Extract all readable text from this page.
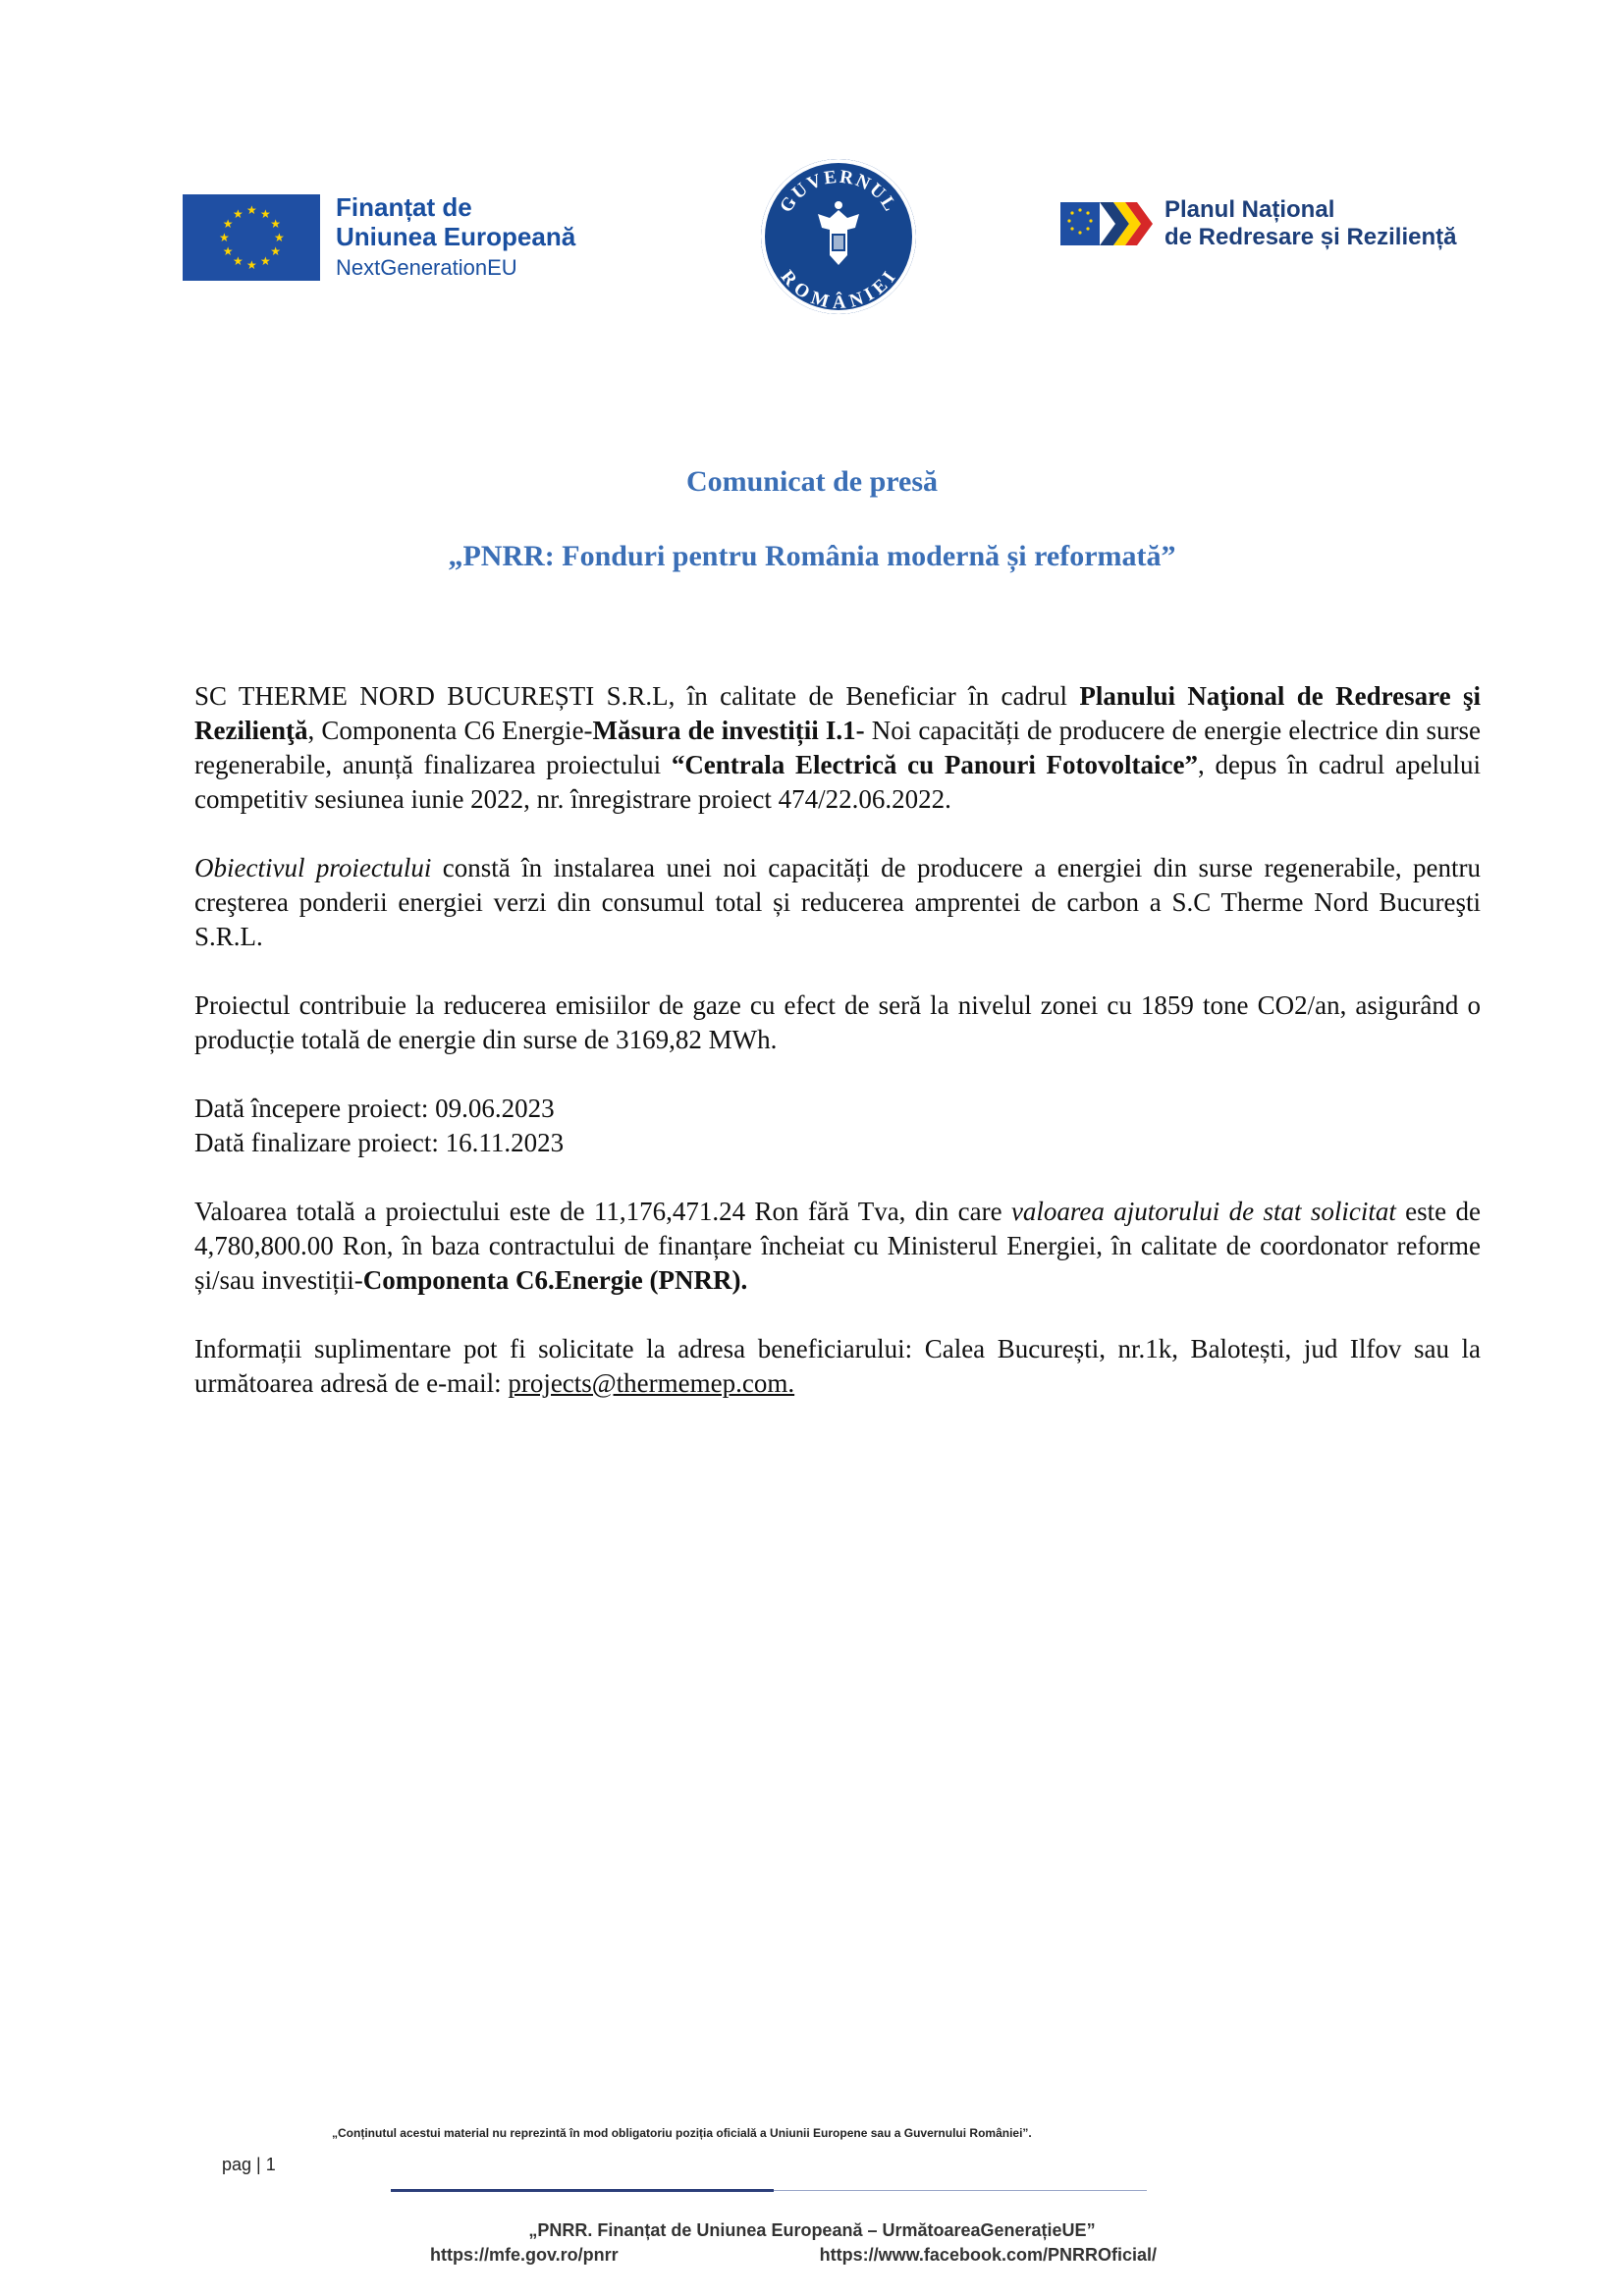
★ ★
★
★
★
★
★
★
★
★
★
★	Finanțat de
Uniunea Europeană
NextGenerationEU
GUVERNUL
ROMÂNIEI
Planul Național
de Redresare și Reziliență
Comunicat de presă
„PNRR: Fonduri pentru România modernă și reformată”

SC THERME NORD BUCUREȘTI S.R.L, în calitate de Beneficiar în cadrul Planului Naţional de Redresare şi Rezilienţă, Componenta C6 Energie-Măsura de investiții I.1- Noi capacități de producere de energie electrice din surse regenerabile, anunță finalizarea proiectului “Centrala Electrică cu Panouri Fotovoltaice”, depus în cadrul apelului competitiv sesiunea iunie 2022, nr. înregistrare proiect 474/22.06.2022.

Obiectivul proiectului constă în instalarea unei noi capacități de producere a energiei din surse regenerabile, pentru creşterea ponderii energiei verzi din consumul total și reducerea amprentei de carbon a S.C Therme Nord Bucureşti S.R.L.

Proiectul contribuie la reducerea emisiilor de gaze cu efect de seră la nivelul zonei cu 1859 tone CO2/an, asigurând o producție totală de energie din surse de 3169,82 MWh.

Dată începere proiect: 09.06.2023
Dată finalizare proiect: 16.11.2023

Valoarea totală a proiectului este de 11,176,471.24 Ron fără Tva, din care valoarea ajutorului de stat solicitat este de 4,780,800.00 Ron, în baza contractului de finanțare încheiat cu Ministerul Energiei, în calitate de coordonator reforme și/sau investiții-Componenta C6.Energie (PNRR).

Informații suplimentare pot fi solicitate la adresa beneficiarului: Calea București, nr.1k, Balotești, jud Ilfov sau la următoarea adresă de e-mail: projects@thermemep.com.

„Conținutul acestui material nu reprezintă în mod obligatoriu poziția oficială a Uniunii Europene sau a Guvernului României”.
pag | 1
„PNRR. Finanțat de Uniunea Europeană – UrmătoareaGenerațieUE”
https://mfe.gov.ro/pnrr	https://www.facebook.com/PNRROficial/
